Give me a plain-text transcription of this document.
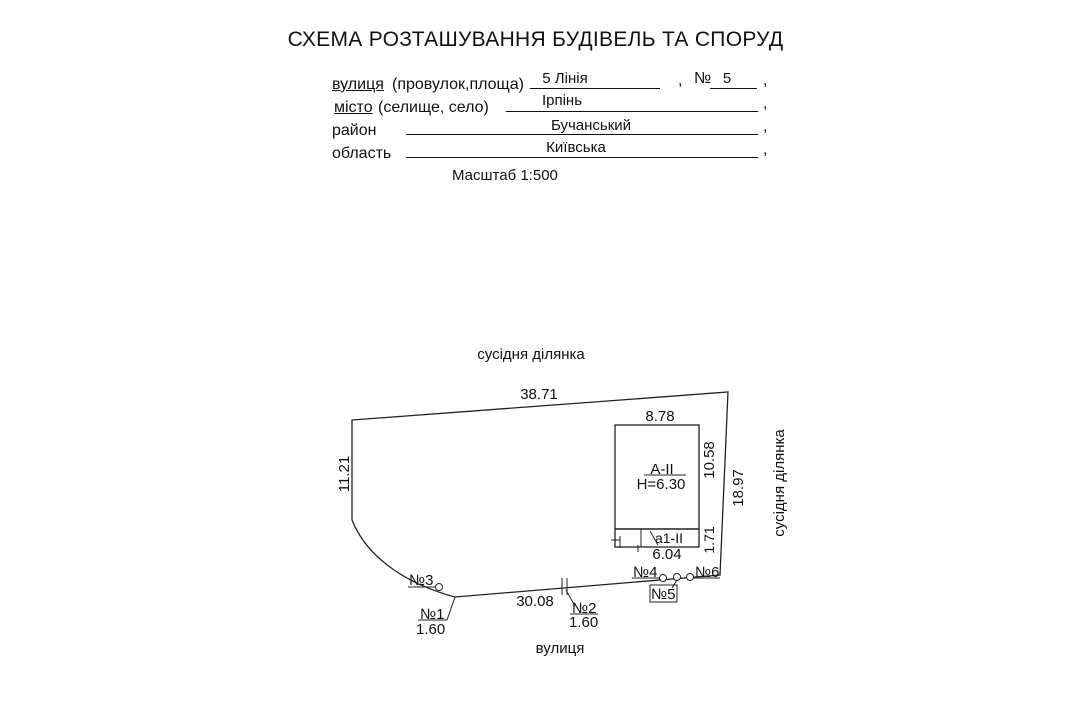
СХЕМА РОЗТАШУВАННЯ БУДІВЕЛЬ ТА СПОРУД
вулиця (провулок,площа)	5 Лінія	, № 5	,
місто (селище, село)	Ірпінь	,
район	Бучанський	,
область	Київська	,
Масштаб 1:500
сусідня ділянка
сусідня ділянка
вулиця
38.71
11.21	18.97
30.08
8.78
10.58
А-ІІ
Н=6.30
а1-ІІ
6.04
1.71
№1
1.60
№2
1.60
№3	№4
№5
№6
